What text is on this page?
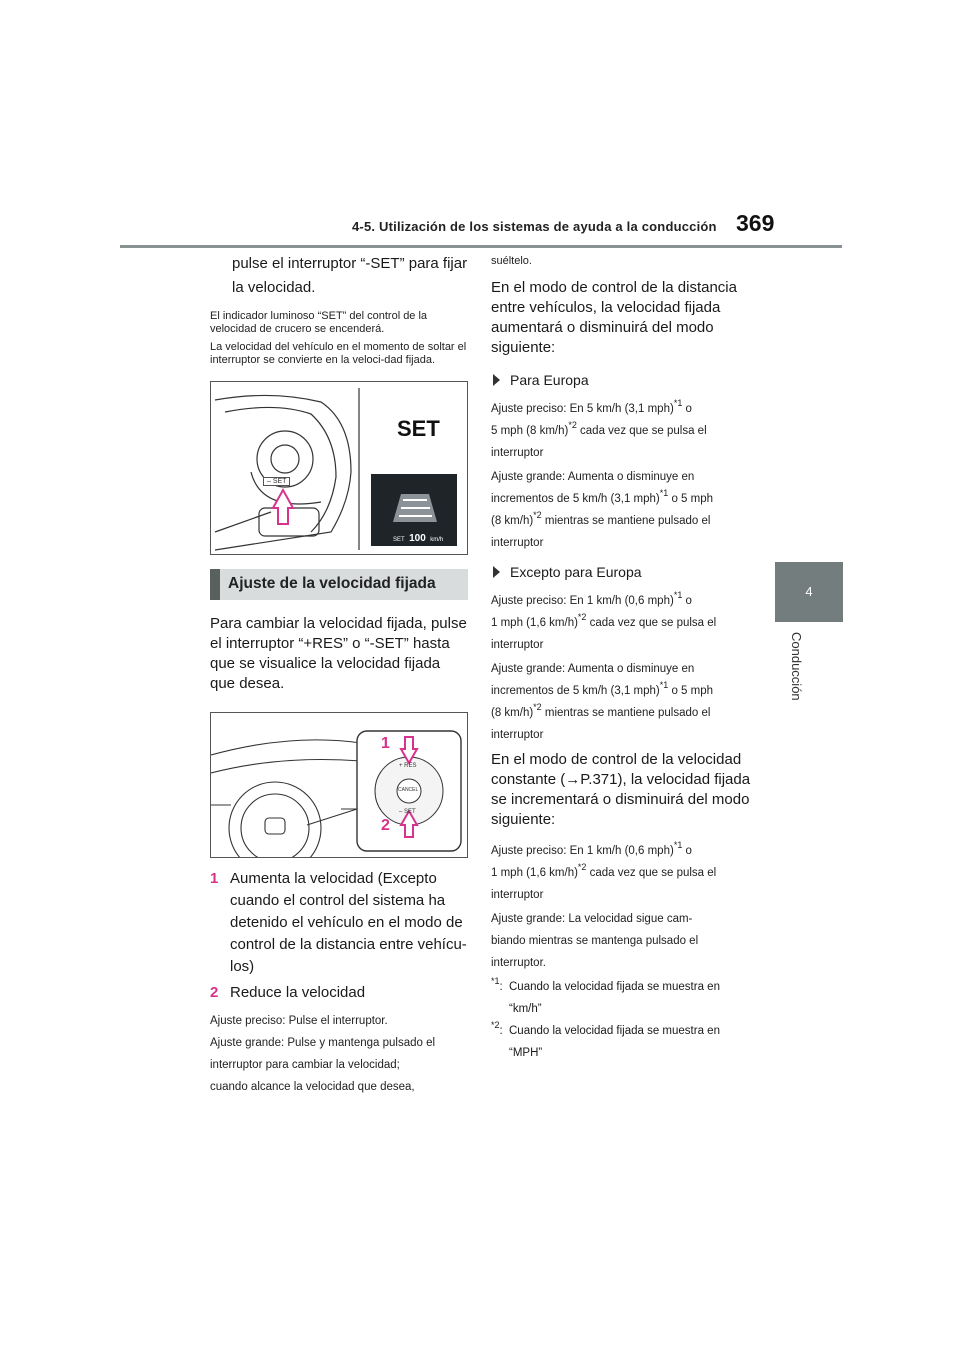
4-5. Utilización de los sistemas de ayuda a la conducción 369
4
Conducción
pulse el interruptor “-SET” para fijar
la velocidad.

El indicador luminoso “SET” del control de la velocidad de crucero se encenderá.

La velocidad del vehículo en el momento de soltar el interruptor se convierte en la veloci-dad fijada.

SET
– SET
SET 100 km/h
Ajuste de la velocidad fijada

Para cambiar la velocidad fijada, pulse el interruptor “+RES” o “-SET” hasta que se visualice la velocidad fijada que desea.

1
2
+ RES
CANCEL
– SET
1 Aumenta la velocidad (Excepto
cuando el control del sistema ha
detenido el vehículo en el modo de
control de la distancia entre vehícu-
los)
2 Reduce la velocidad
Ajuste preciso: Pulse el interruptor.
Ajuste grande: Pulse y mantenga pulsado el
interruptor para cambiar la velocidad;
cuando alcance la velocidad que desea,
suéltelo.

En el modo de control de la distancia entre vehículos, la velocidad fijada aumentará o disminuirá del modo siguiente:

Para Europa
Ajuste preciso: En 5 km/h (3,1 mph)$^{*1}$ o
5 mph (8 km/h)$^{*2}$ cada vez que se pulsa el
interruptor
Ajuste grande: Aumenta o disminuye en
incrementos de 5 km/h (3,1 mph)$^{*1}$ o 5 mph
(8 km/h)$^{*2}$ mientras se mantiene pulsado el
interruptor
Excepto para Europa
Ajuste preciso: En 1 km/h (0,6 mph)$^{*1}$ o
1 mph (1,6 km/h)$^{*2}$ cada vez que se pulsa el
interruptor
Ajuste grande: Aumenta o disminuye en
incrementos de 5 km/h (3,1 mph)$^{*1}$ o 5 mph
(8 km/h)$^{*2}$ mientras se mantiene pulsado el
interruptor

En el modo de control de la velocidad constante (→P.371), la velocidad fijada se incrementará o disminuirá del modo siguiente:

Ajuste preciso: En 1 km/h (0,6 mph)$^{*1}$ o
1 mph (1,6 km/h)$^{*2}$ cada vez que se pulsa el
interruptor
Ajuste grande: La velocidad sigue cam-
biando mientras se mantenga pulsado el
interruptor.
$^{*1}$: Cuando la velocidad fijada se muestra en
“km/h”
$^{*2}$: Cuando la velocidad fijada se muestra en
“MPH”
